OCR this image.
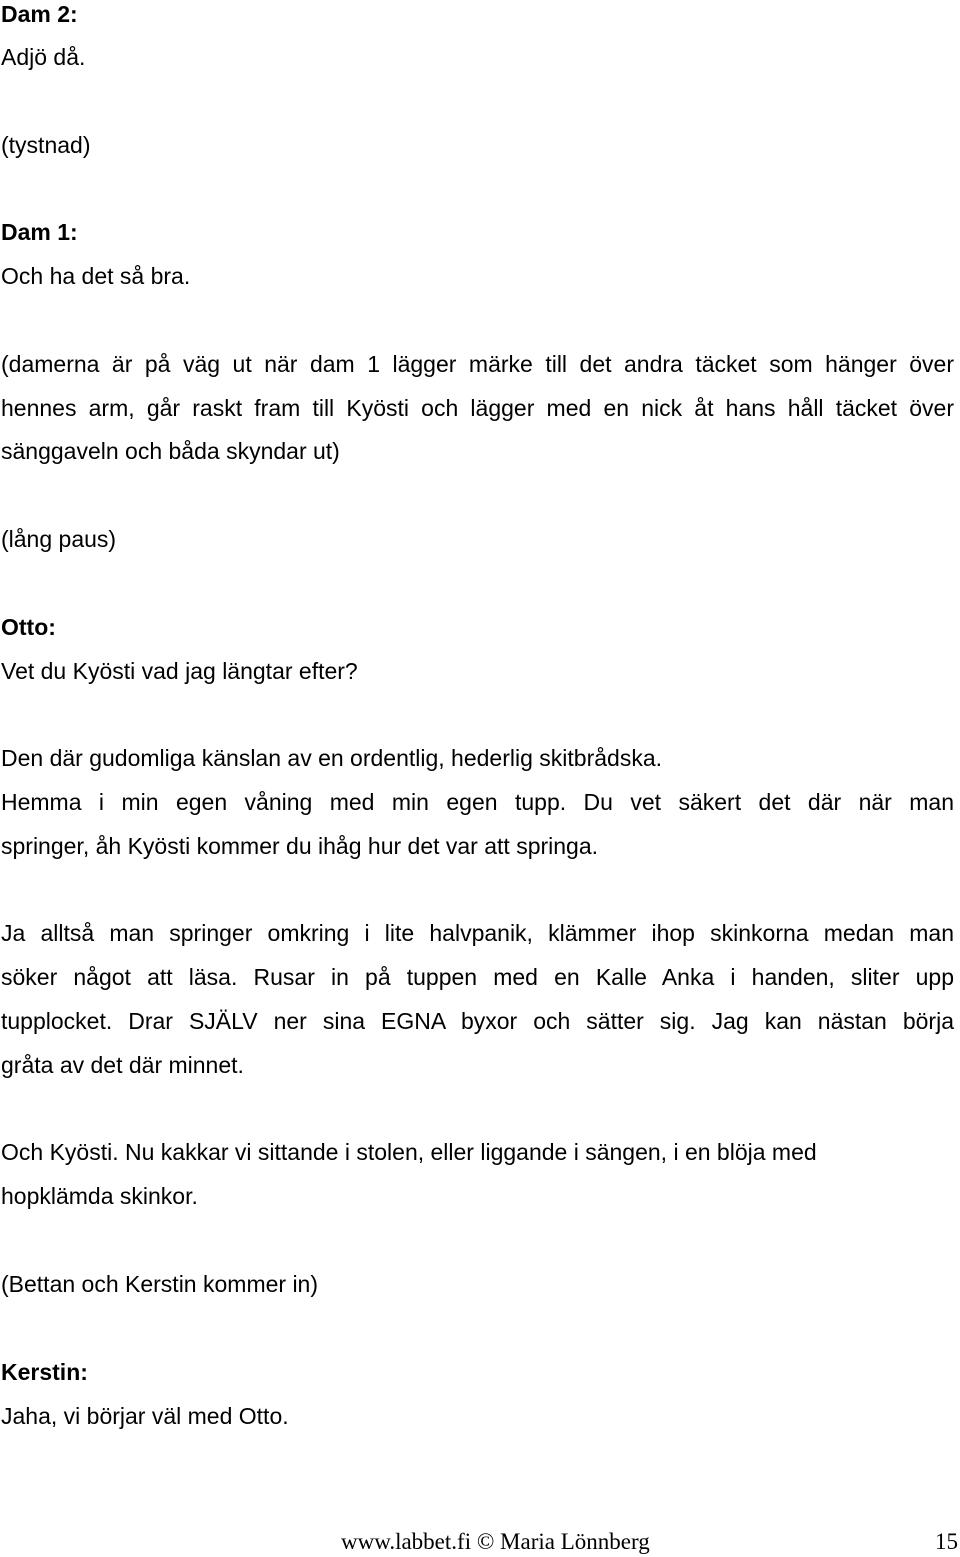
Dam 2:
Adjö då.
(tystnad)
Dam 1:
Och ha det så bra.
(damerna är på väg ut när dam 1 lägger märke till det andra täcket som hänger över
hennes arm, går raskt fram till Kyösti och lägger med en nick åt hans håll täcket över
sänggaveln och båda skyndar ut)
(lång paus)
Otto:
Vet du Kyösti vad jag längtar efter?
Den där gudomliga känslan av en ordentlig, hederlig skitbrådska.
Hemma i min egen våning med min egen tupp. Du vet säkert det där när man
springer, åh Kyösti kommer du ihåg hur det var att springa.
Ja alltså man springer omkring i lite halvpanik, klämmer ihop skinkorna medan man
söker något att läsa. Rusar in på tuppen med en Kalle Anka i handen, sliter upp
tupplocket. Drar SJÄLV ner sina EGNA byxor och sätter sig. Jag kan nästan börja
gråta av det där minnet.
Och Kyösti. Nu kakkar vi sittande i stolen, eller liggande i sängen, i en blöja med
hopklämda skinkor.
(Bettan och Kerstin kommer in)
Kerstin:
Jaha, vi börjar väl med Otto.
www.labbet.fi © Maria Lönnberg	15
